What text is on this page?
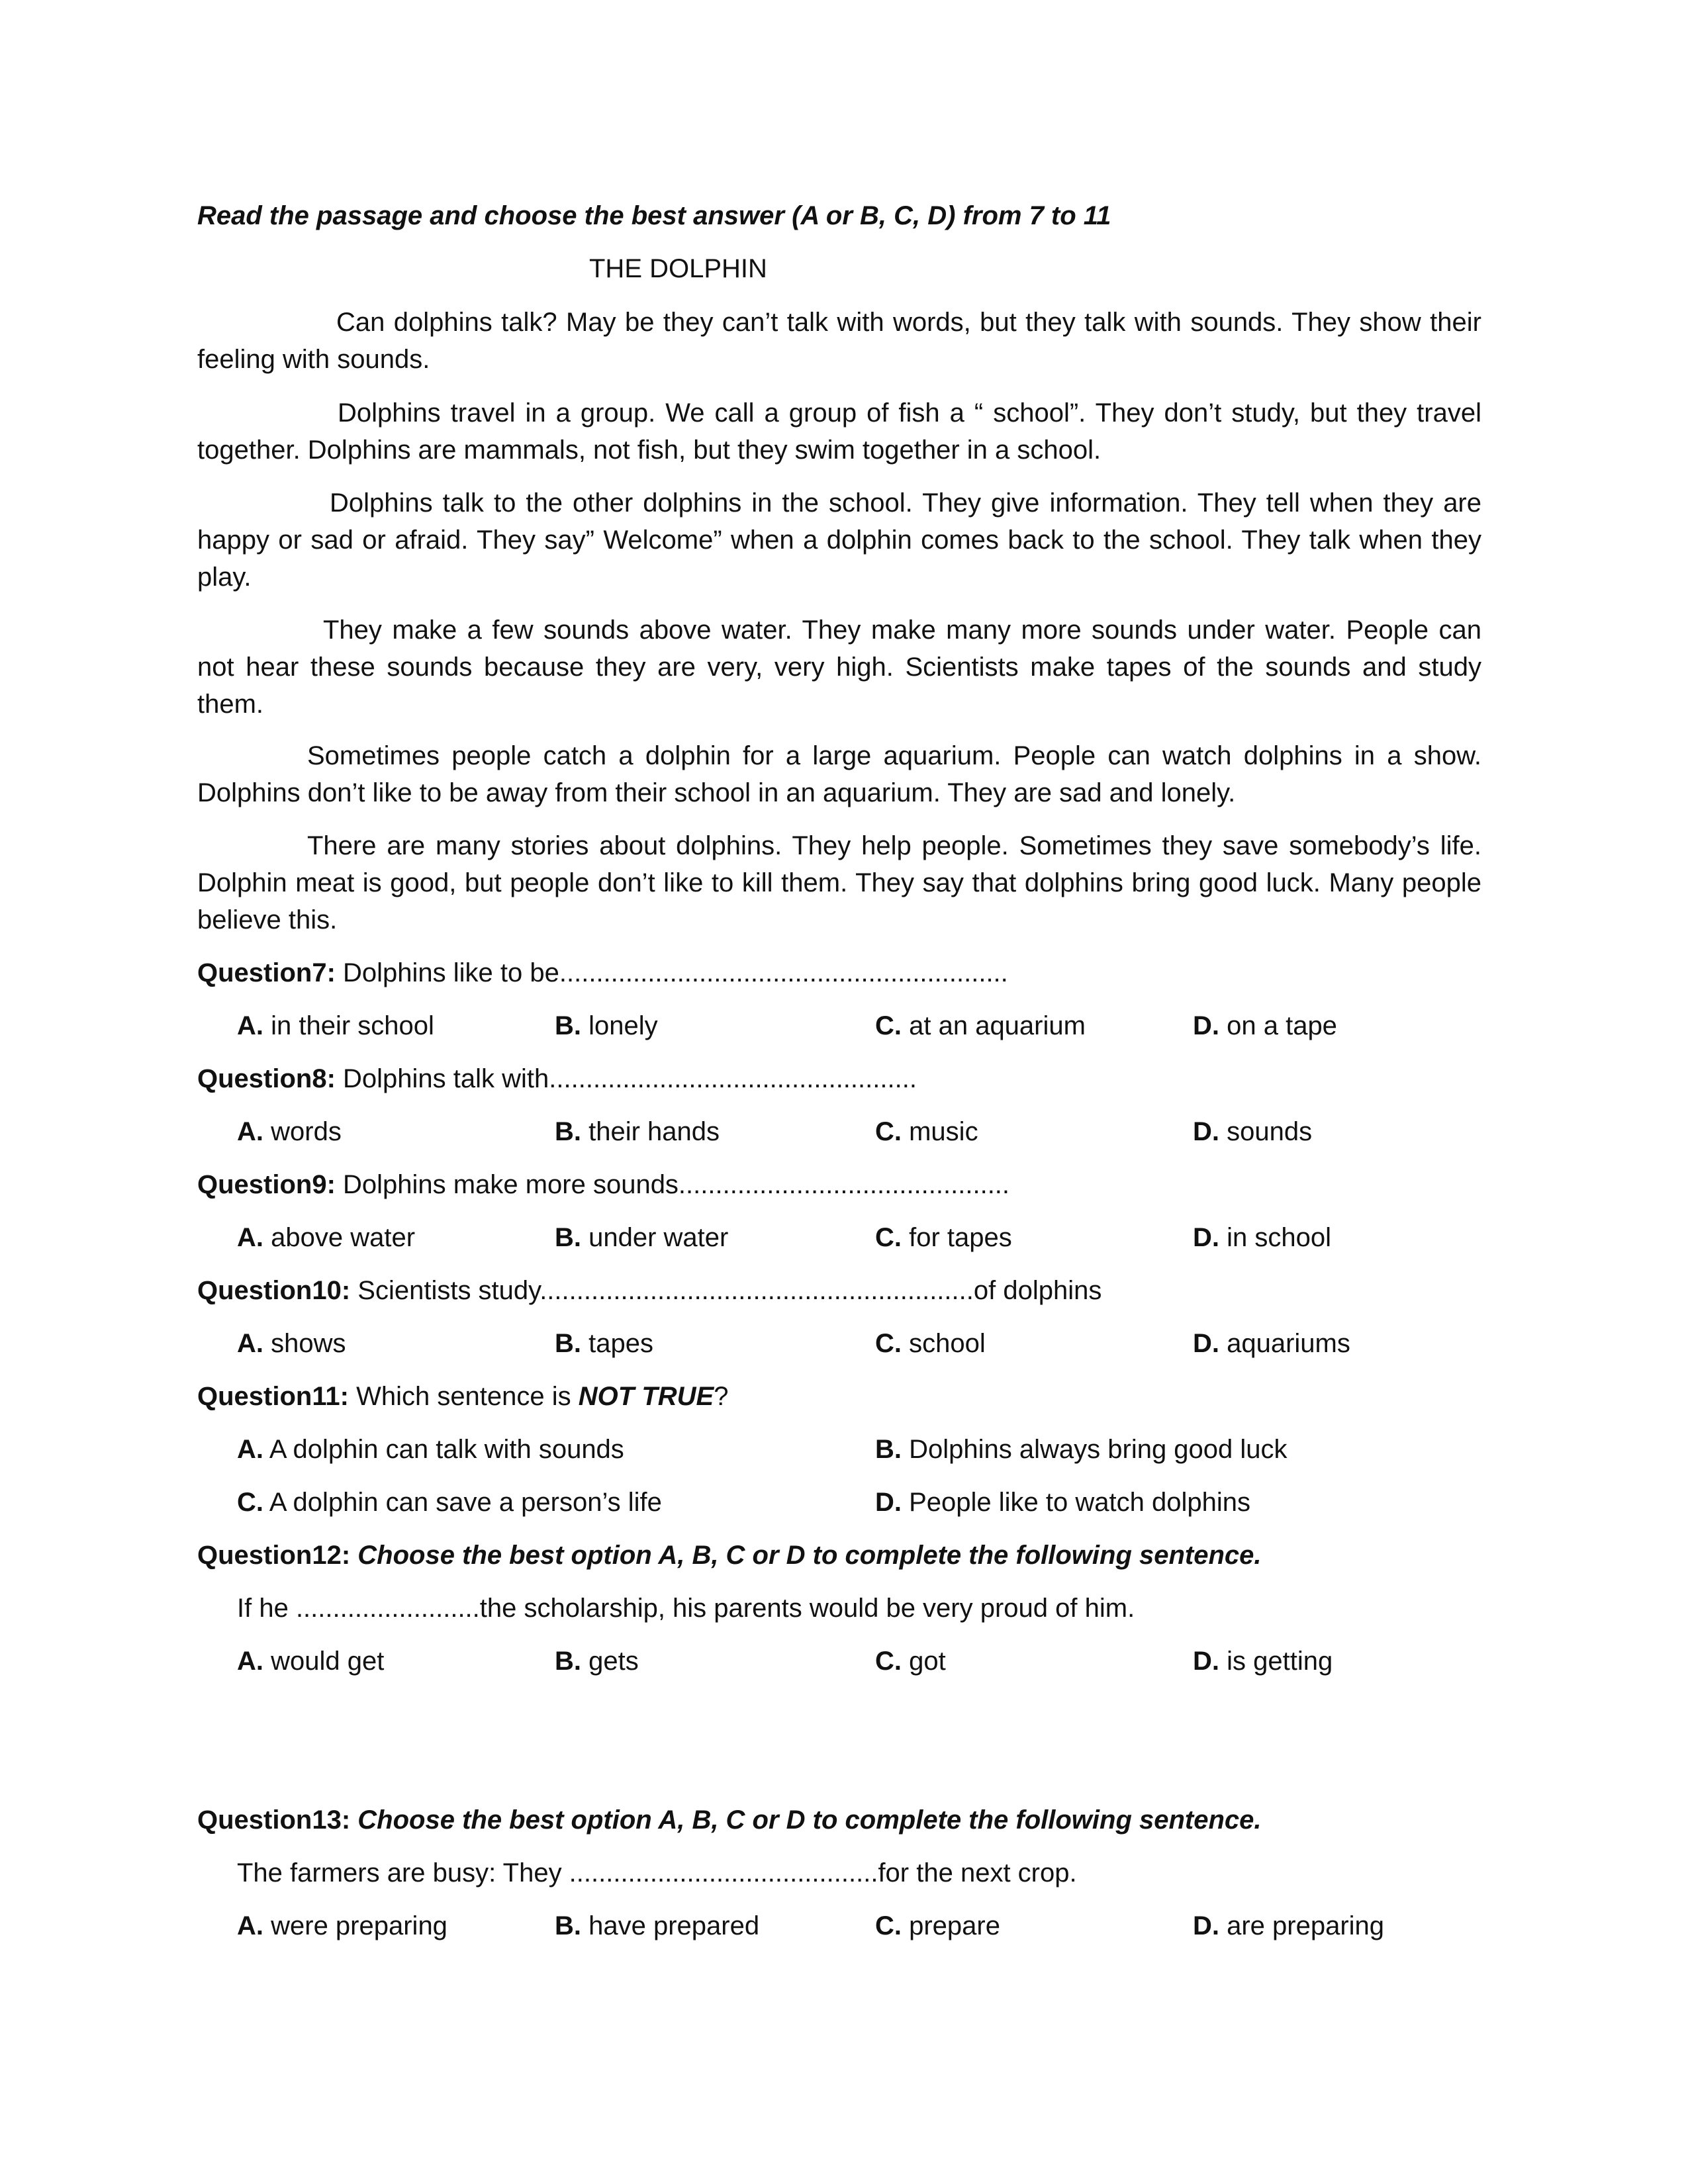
Read the passage and choose the best answer (A or B, C, D) from 7 to 11
THE DOLPHIN
Can dolphins talk? May be they can’t talk with words, but they talk with sounds. They show their feeling with sounds.
Dolphins travel in a group. We call a group of fish a “ school”. They don’t study, but they travel together. Dolphins are mammals, not fish, but they swim together in a school.
Dolphins talk to the other dolphins in the school. They give information. They tell when they are happy or sad or afraid. They say” Welcome” when a dolphin comes back to the school. They talk when they play.
They make a few sounds above water. They make many more sounds under water. People can not hear these sounds because they are very, very high. Scientists make tapes of the sounds and study them.
Sometimes people catch a dolphin for a large aquarium. People can watch dolphins in a show. Dolphins don’t like to be away from their school in an aquarium. They are sad and lonely.
There are many stories about dolphins. They help people. Sometimes they save somebody’s life. Dolphin meat is good, but people don’t like to kill them. They say that dolphins bring good luck. Many people believe this.
Question7: Dolphins like to be.............................................................
A. in their school	B. lonely	C. at an aquarium	D. on a tape
Question8: Dolphins talk with..................................................
A. words	B. their hands	C. music	D. sounds
Question9: Dolphins make more sounds.............................................
A. above water	B. under water	C. for tapes	D. in school
Question10: Scientists study...........................................................of dolphins
A. shows	B. tapes	C. school	D. aquariums
Question11: Which sentence is NOT TRUE?
A. A dolphin can talk with sounds	B. Dolphins always bring good luck
C. A dolphin can save a person’s life	D. People like to watch dolphins
Question12: Choose the best option A, B, C or D to complete the following sentence.
If he .........................the scholarship, his parents would be very proud of him.
A. would get	B. gets	C. got	D. is getting
Question13: Choose the best option A, B, C or D to complete the following sentence.
The farmers are busy: They ..........................................for the next crop.
A. were preparing	B. have prepared	C. prepare	D. are preparing
